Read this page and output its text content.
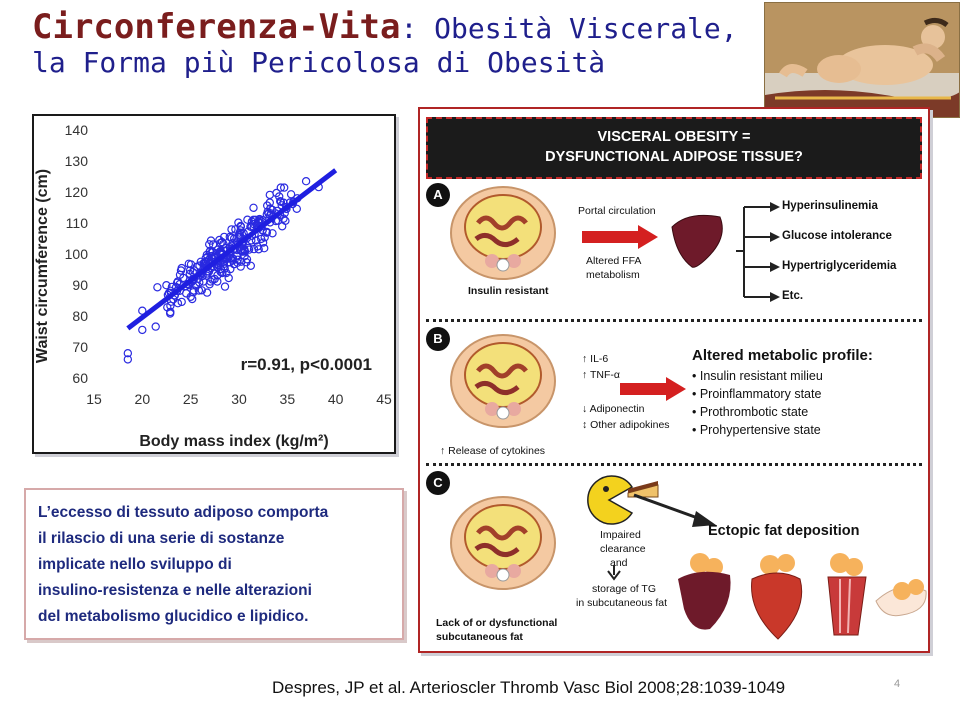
Circonferenza-Vita: Obesità Viscerale,
la Forma più Pericolosa di Obesità
60
70
80
90
100
110
120
130
140
15 20 25 30 35 40 45
r=0.91, p<0.0001
Body mass index (kg/m²)
Waist circumference (cm)

L’eccesso di tessuto adiposo comporta

il rilascio di una serie di sostanze

implicate nello sviluppo di

insulino-resistenza e nelle alterazioni

del metabolismo glucidico e lipidico.

VISCERAL OBESITY =
DYSFUNCTIONAL ADIPOSE TISSUE?
A
Insulin resistant
Portal circulation
Altered FFA
metabolism
Hyperinsulinemia
Glucose intolerance
Hypertriglyceridemia
Etc.
B
↑ Release of cytokines
↑ IL-6
↑ TNF-α
↓ Adiponectin
↕ Other adipokines
Altered metabolic profile:
• Insulin resistant milieu
• Proinflammatory state
• Prothrombotic state
• Prohypertensive state
C
Lack of or dysfunctional
subcutaneous fat
Impaired
clearance
and
storage of TG
in subcutaneous fat
Ectopic fat deposition
Despres, JP et al. Arterioscler Thromb Vasc Biol 2008;28:1039-1049	4
